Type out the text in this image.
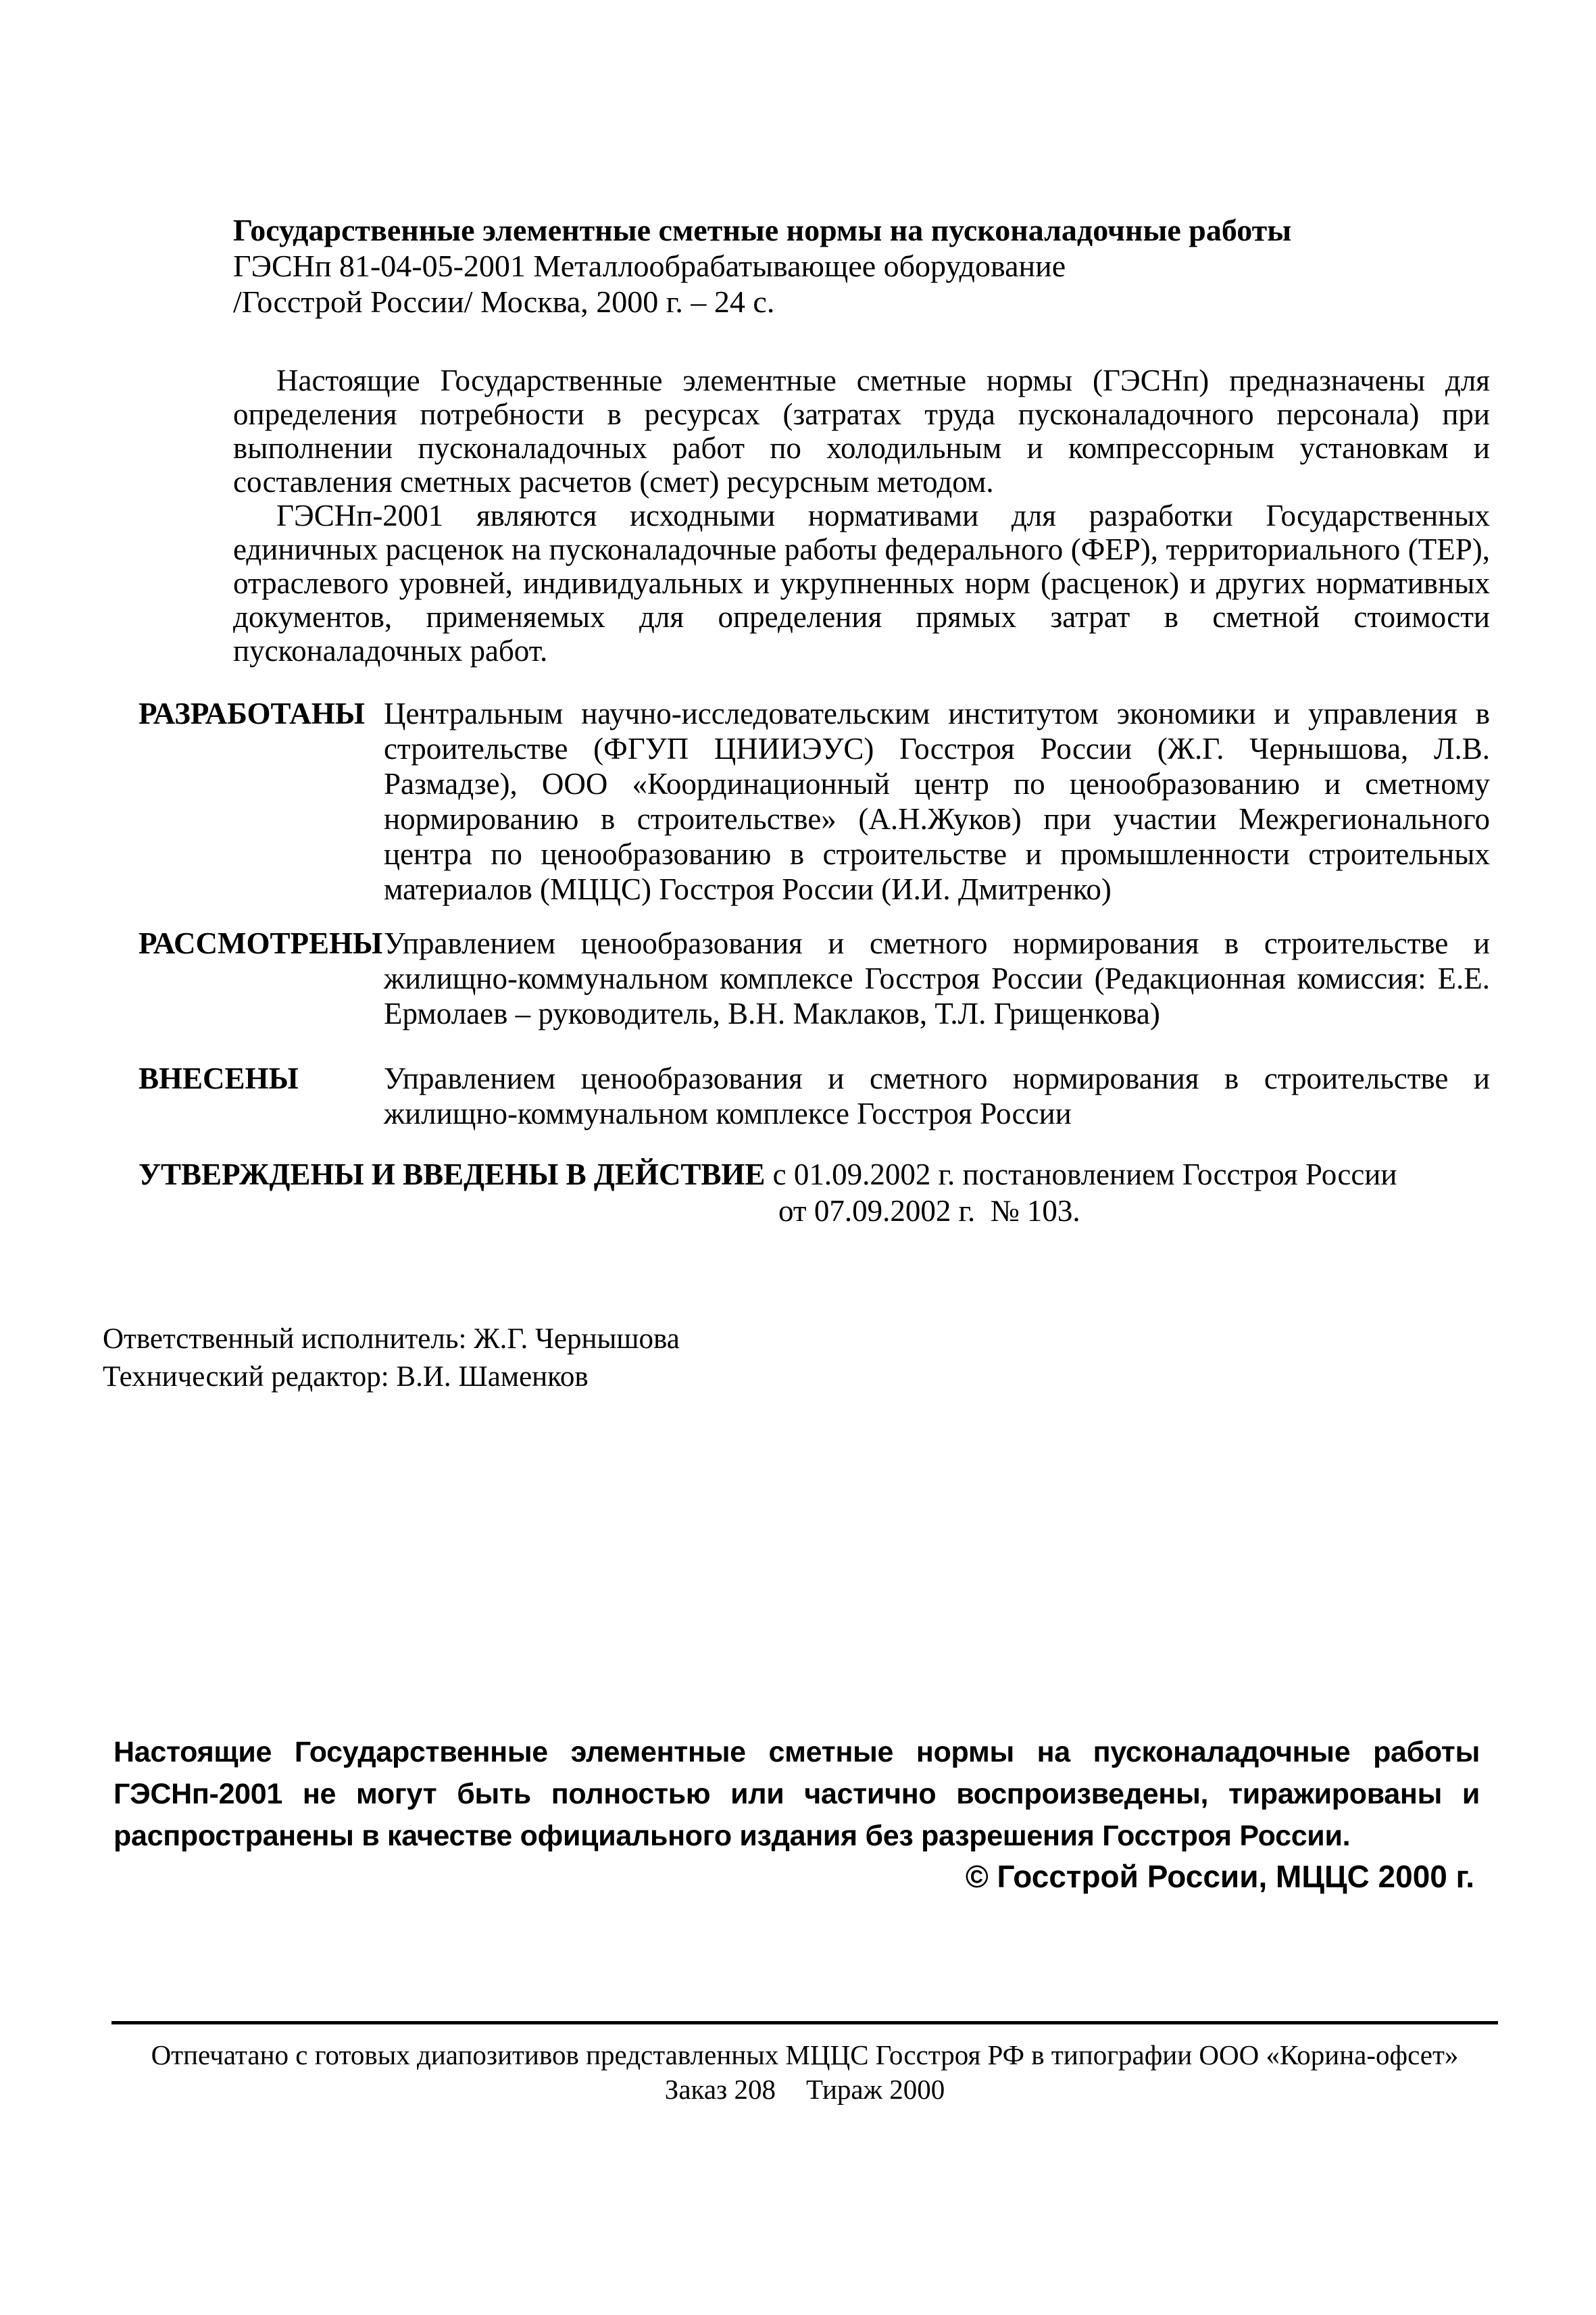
Государственные элементные сметные нормы на пусконаладочные работы
ГЭСНп 81-04-05-2001 Металлообрабатывающее оборудование
/Госстрой России/ Москва, 2000 г. – 24 с.

Настоящие Государственные элементные сметные нормы (ГЭСНп) предназначены для определения потребности в ресурсах (затратах труда пусконаладочного персонала) при выполнении пусконаладочных работ по холодильным и компрессорным установкам и составления сметных расчетов (смет) ресурсным методом.

ГЭСНп-2001 являются исходными нормативами для разработки Государственных единичных расценок на пусконаладочные работы федерального (ФЕР), территориального (ТЕР), отраслевого уровней, индивидуальных и укрупненных норм (расценок) и других нормативных документов, применяемых для определения прямых затрат в сметной стоимости пусконаладочных работ.

РАЗРАБОТАНЫ Центральным научно-исследовательским институтом экономики и управления в строительстве (ФГУП ЦНИИЭУС) Госстроя России (Ж.Г. Чернышова, Л.В. Размадзе), ООО «Координационный центр по ценообразованию и сметному нормированию в строительстве» (А.Н.Жуков) при участии Межрегионального центра по ценообразованию в строительстве и промышленности строительных материалов (МЦЦС) Госстроя России (И.И. Дмитренко)
РАССМОТРЕНЫ Управлением ценообразования и сметного нормирования в строительстве и жилищно-коммунальном комплексе Госстроя России (Редакционная комиссия: Е.Е. Ермолаев – руководитель, В.Н. Маклаков, Т.Л. Грищенкова)
ВНЕСЕНЫ	Управлением ценообразования и сметного нормирования в строительстве и жилищно-коммунальном комплексе Госстроя России
УТВЕРЖДЕНЫ И ВВЕДЕНЫ В ДЕЙСТВИЕ с 01.09.2002 г. постановлением Госстроя России
от 07.09.2002 г.  № 103.
Ответственный исполнитель: Ж.Г. Чернышова
Технический редактор: В.И. Шаменков
Настоящие Государственные элементные сметные нормы на пусконаладочные работы ГЭСНп-2001 не могут быть полностью или частично воспроизведены, тиражированы и распространены в качестве официального издания без разрешения Госстроя России.
© Госстрой России, МЦЦС 2000 г.
Отпечатано с готовых диапозитивов представленных МЦЦС Госстроя РФ в типографии ООО «Корина-офсет»
Заказ 208 Тираж 2000
